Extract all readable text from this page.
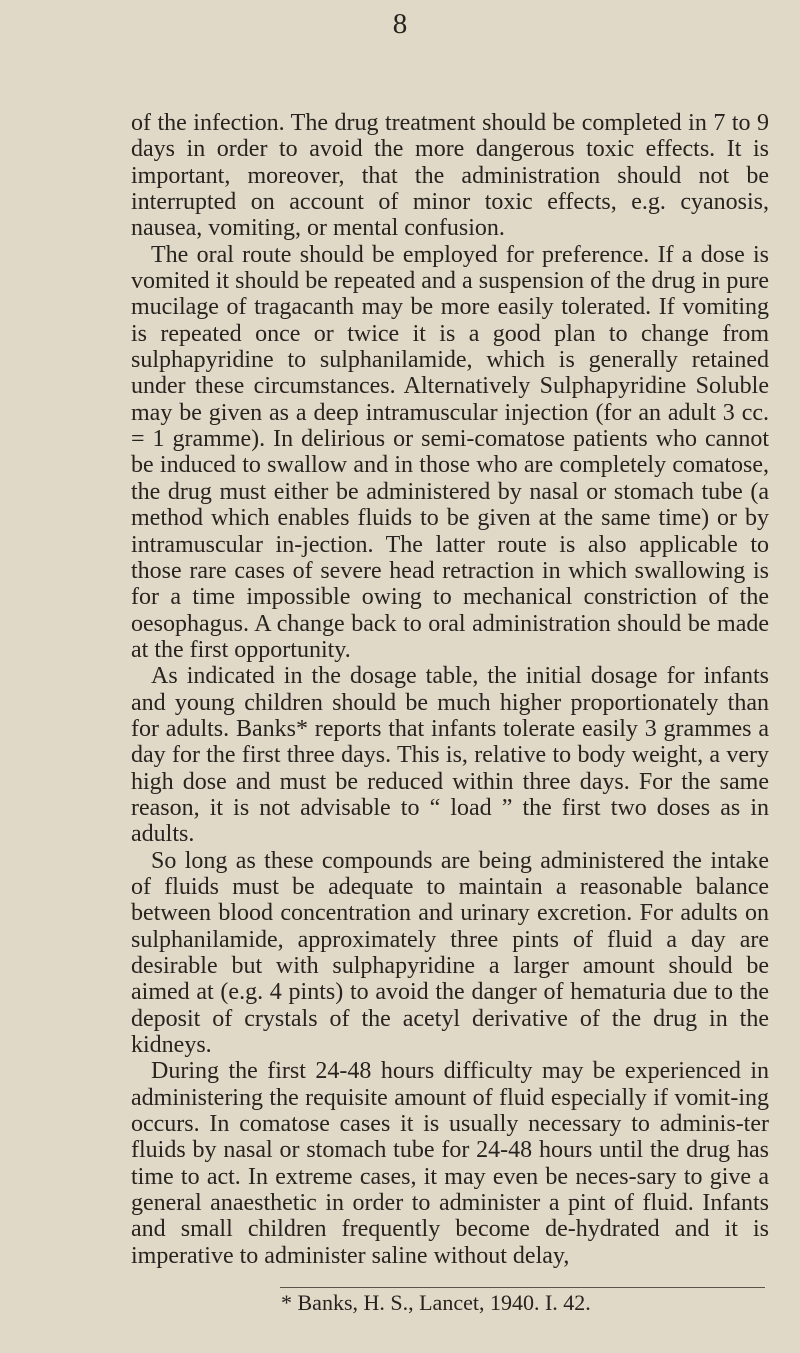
8

of the infection. The drug treatment should be completed in 7 to 9 days in order to avoid the more dangerous toxic effects. It is important, moreover, that the administration should not be interrupted on account of minor toxic effects, e.g. cyanosis, nausea, vomiting, or mental confusion.

The oral route should be employed for preference. If a dose is vomited it should be repeated and a suspension of the drug in pure mucilage of tragacanth may be more easily tolerated. If vomiting is repeated once or twice it is a good plan to change from sulphapyridine to sulphanilamide, which is generally retained under these circumstances. Alternatively Sulphapyridine Soluble may be given as a deep intramuscular injection (for an adult 3 cc. = 1 gramme). In delirious or semi-comatose patients who cannot be induced to swallow and in those who are completely comatose, the drug must either be administered by nasal or stomach tube (a method which enables fluids to be given at the same time) or by intramuscular in-jection. The latter route is also applicable to those rare cases of severe head retraction in which swallowing is for a time impossible owing to mechanical constriction of the oesophagus. A change back to oral administration should be made at the first opportunity.

As indicated in the dosage table, the initial dosage for infants and young children should be much higher proportionately than for adults. Banks* reports that infants tolerate easily 3 grammes a day for the first three days. This is, relative to body weight, a very high dose and must be reduced within three days. For the same reason, it is not advisable to “ load ” the first two doses as in adults.

So long as these compounds are being administered the intake of fluids must be adequate to maintain a reasonable balance between blood concentration and urinary excretion. For adults on sulphanilamide, approximately three pints of fluid a day are desirable but with sulphapyridine a larger amount should be aimed at (e.g. 4 pints) to avoid the danger of hematuria due to the deposit of crystals of the acetyl derivative of the drug in the kidneys.

During the first 24-48 hours difficulty may be experienced in administering the requisite amount of fluid especially if vomit-ing occurs. In comatose cases it is usually necessary to adminis-ter fluids by nasal or stomach tube for 24-48 hours until the drug has time to act. In extreme cases, it may even be neces-sary to give a general anaesthetic in order to administer a pint of fluid. Infants and small children frequently become de-hydrated and it is imperative to administer saline without delay,

* Banks, H. S., Lancet, 1940. I. 42.
